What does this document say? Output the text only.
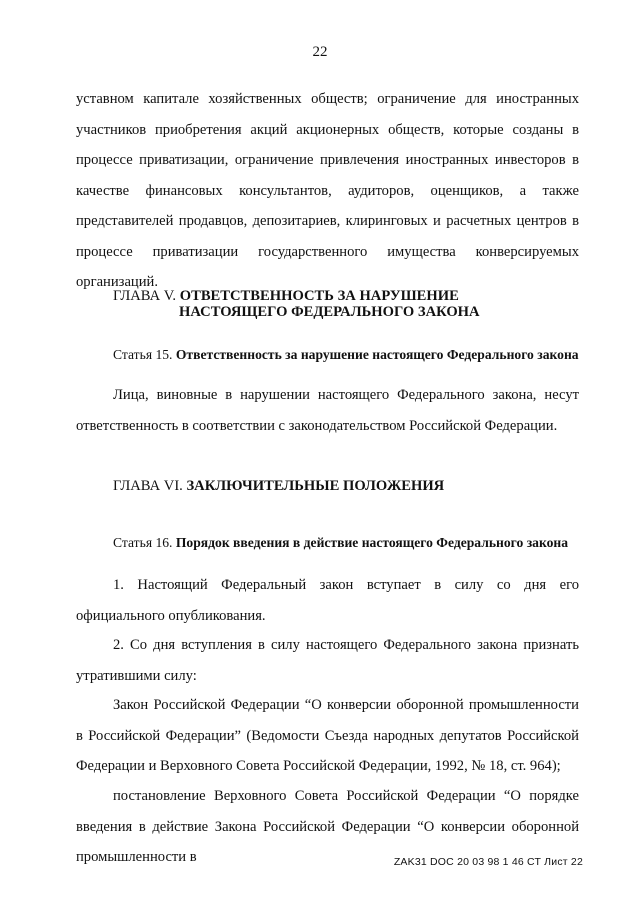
22

уставном капитале хозяйственных обществ; ограничение для иностранных участников приобретения акций акционерных обществ, которые созданы в процессе приватизации, ограничение привлечения иностранных инвесторов в качестве финансовых консультантов, аудиторов, оценщиков, а также представителей продавцов, депозитариев, клиринговых и расчетных центров в процессе приватизации государственного имущества конверсируемых организаций.

ГЛАВА V. ОТВЕТСТВЕННОСТЬ ЗА НАРУШЕНИЕ
НАСТОЯЩЕГО ФЕДЕРАЛЬНОГО ЗАКОНА
Статья 15. Ответственность за нарушение настоящего Федерального закона

Лица, виновные в нарушении настоящего Федерального закона, несут ответственность в соответствии с законодательством Российской Федерации.

ГЛАВА VI. ЗАКЛЮЧИТЕЛЬНЫЕ ПОЛОЖЕНИЯ
Статья 16. Порядок введения в действие настоящего Федерального закона

1. Настоящий Федеральный закон вступает в силу со дня его официального опубликования.

2. Со дня вступления в силу настоящего Федерального закона признать утратившими силу:

Закон Российской Федерации “О конверсии оборонной промышленности в Российской Федерации” (Ведомости Съезда народных депутатов Российской Федерации и Верховного Совета Российской Федерации, 1992, № 18, ст. 964);

постановление Верховного Совета Российской Федерации “О порядке введения в действие Закона Российской Федерации “О конверсии оборонной промышленности в	ZAK31 DOC 20 03 98 1 46 СТ Лист 22
